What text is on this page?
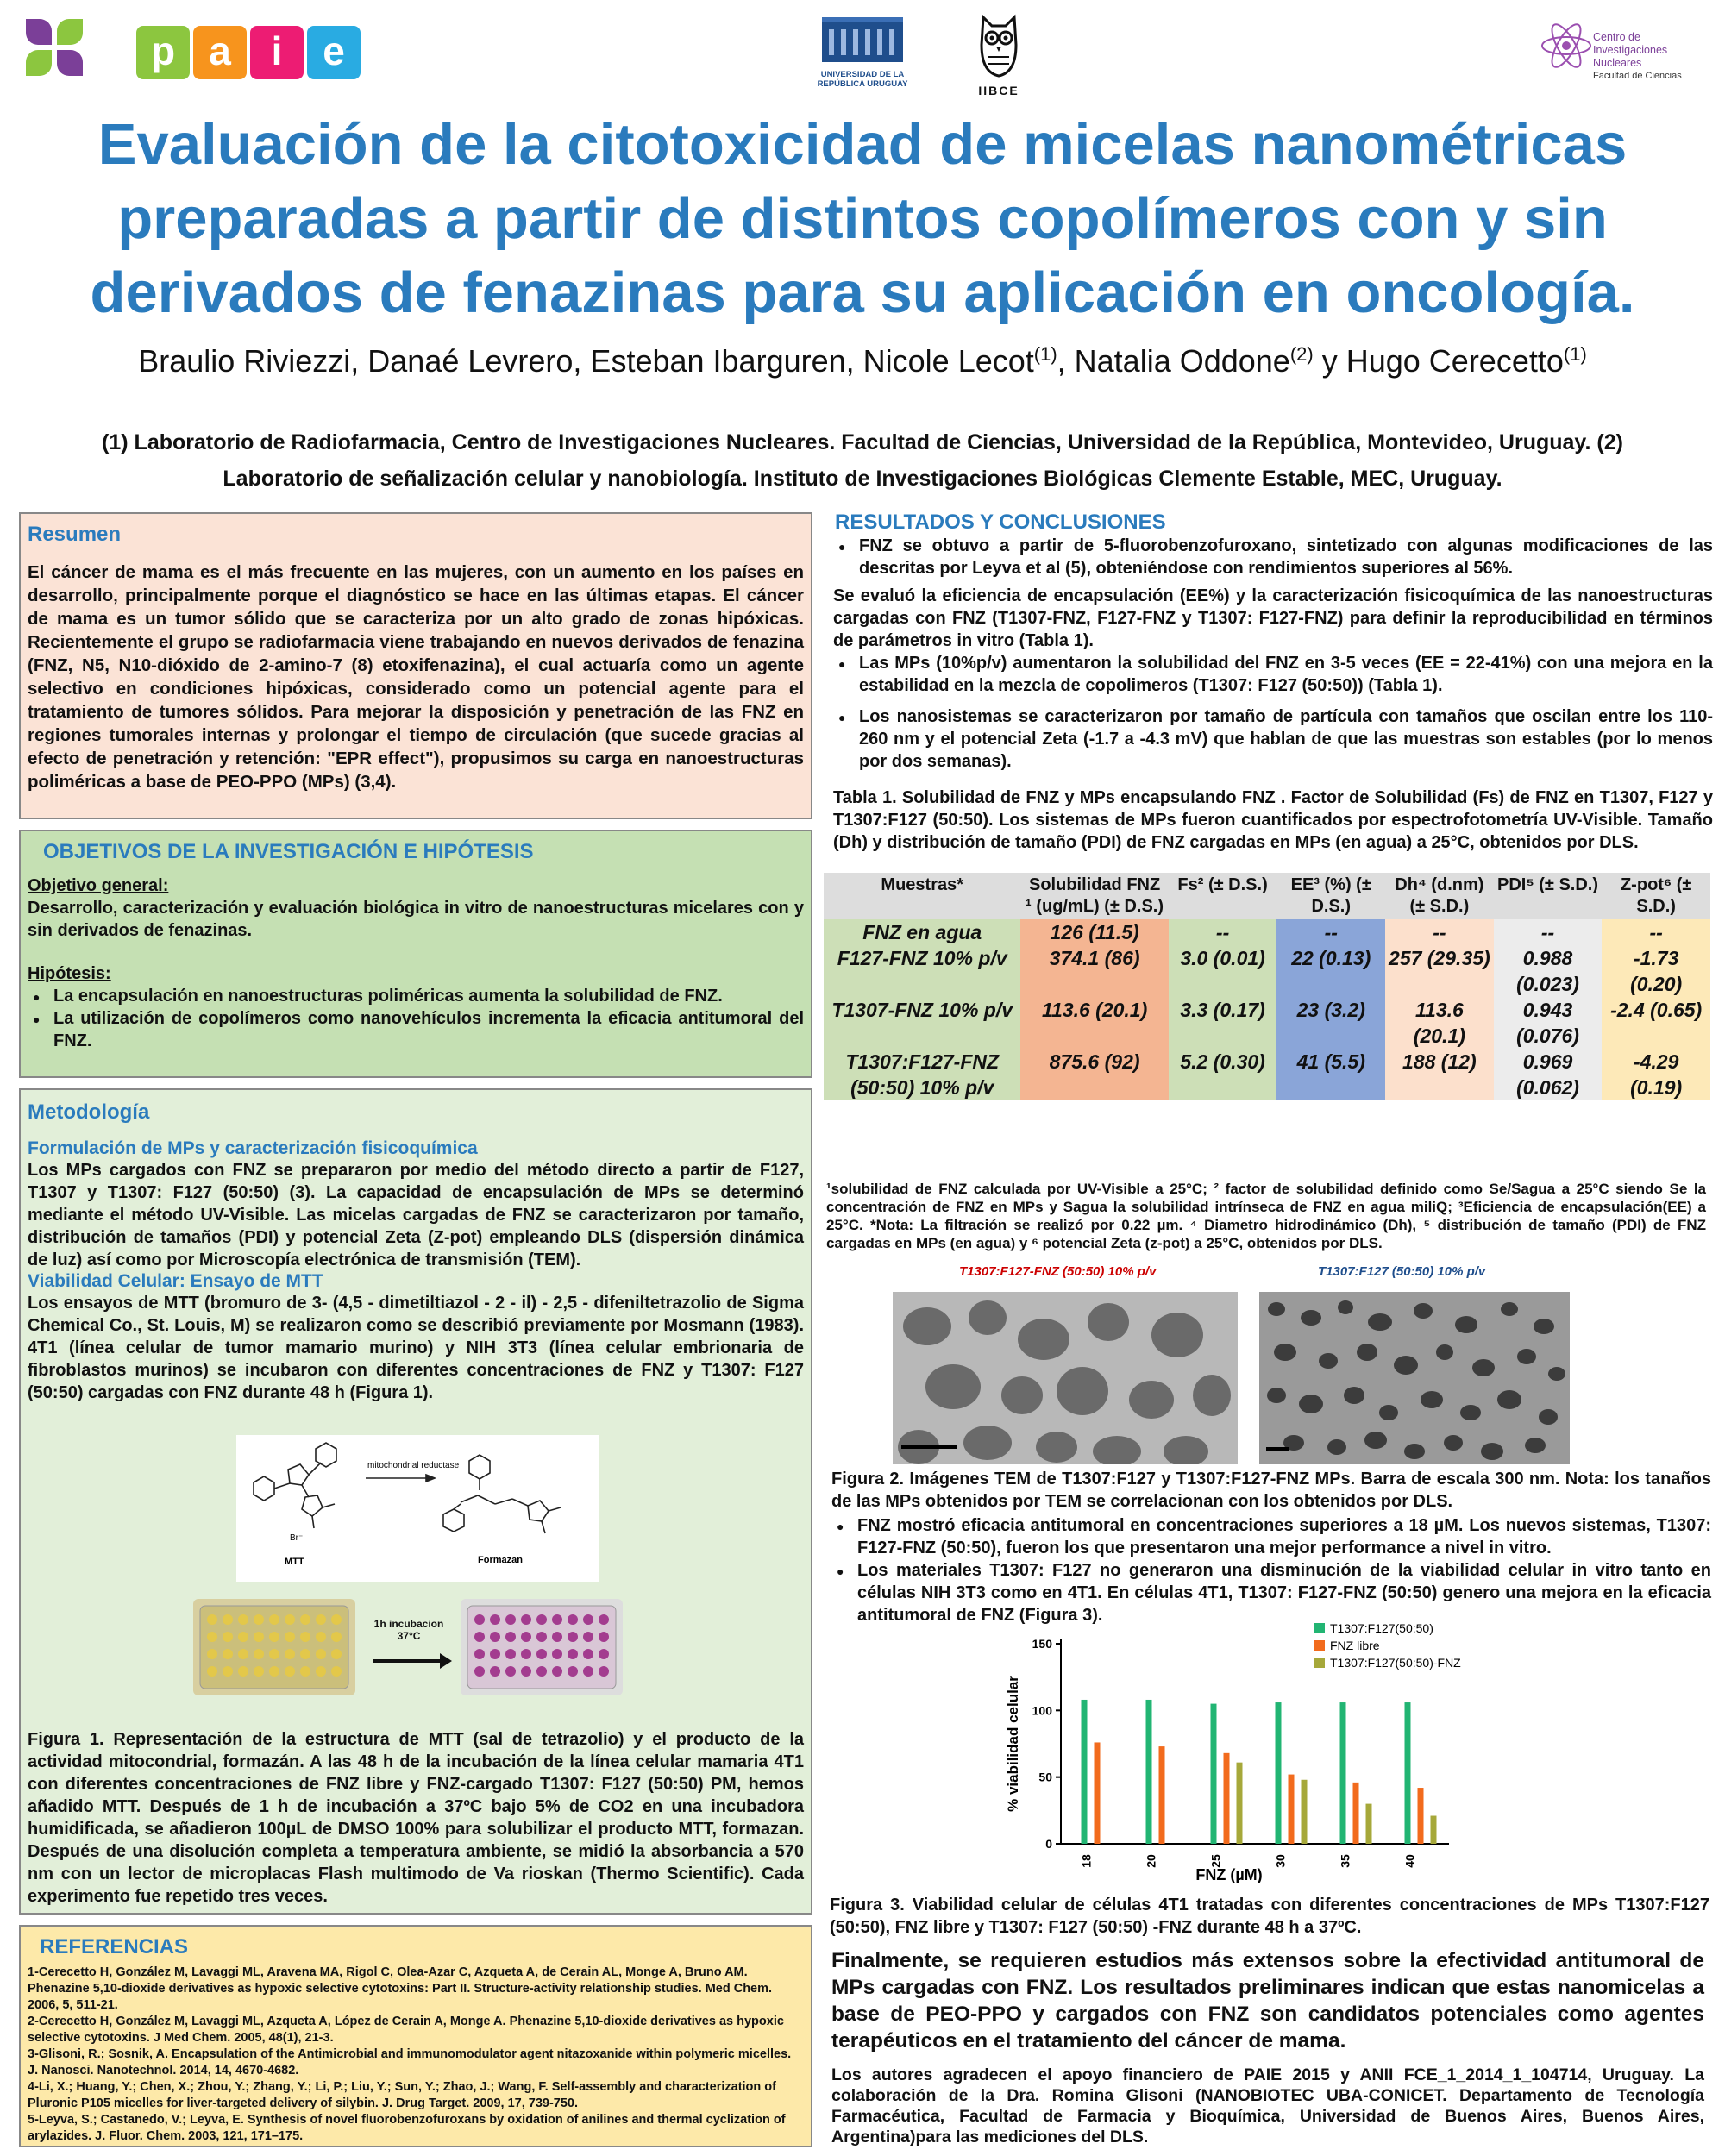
p a	i	e
UNIVERSIDAD DE LA REPÚBLICA URUGUAY	IIBCE
Centro de
Investigaciones Nucleares
Facultad de Ciencias
Evaluación de la citotoxicidad de micelas nanométricas preparadas a partir de distintos copolímeros con y sin derivados de fenazinas para su aplicación en oncología.
Braulio Riviezzi, Danaé Levrero, Esteban Ibarguren, Nicole Lecot$^{(1)}$, Natalia Oddone$^{(2)}$ y Hugo Cerecetto$^{(1)}$
(1) Laboratorio de Radiofarmacia, Centro de Investigaciones Nucleares. Facultad de Ciencias, Universidad de la República, Montevideo, Uruguay. (2) Laboratorio de señalización celular y nanobiología. Instituto de Investigaciones Biológicas Clemente Estable, MEC, Uruguay.
Resumen
El cáncer de mama es el más frecuente en las mujeres, con un aumento en los países en desarrollo, principalmente porque el diagnóstico se hace en las últimas etapas. El cáncer de mama es un tumor sólido que se caracteriza por un alto grado de zonas hipóxicas. Recientemente el grupo se radiofarmacia viene trabajando en nuevos derivados de fenazina (FNZ, N5, N10-dióxido de 2-amino-7 (8) etoxifenazina), el cual actuaría como un agente selectivo en condiciones hipóxicas, considerado como un potencial agente para el tratamiento de tumores sólidos. Para mejorar la disposición y penetración de las FNZ en regiones tumorales internas y prolongar el tiempo de circulación (que sucede gracias al efecto de penetración y retención: "EPR effect"), propusimos su carga en nanoestructuras poliméricas a base de PEO-PPO (MPs) (3,4).
OBJETIVOS DE LA INVESTIGACIÓN E HIPÓTESIS
Objetivo general:
Desarrollo, caracterización y evaluación biológica in vitro de nanoestructuras micelares con y sin derivados de fenazinas.
Hipótesis:
● La encapsulación en nanoestructuras poliméricas aumenta la solubilidad de FNZ.
● La utilización de copolímeros como nanovehículos incrementa la eficacia antitumoral del FNZ.
Metodología
Formulación de MPs y caracterización fisicoquímica
Los MPs cargados con FNZ se prepararon por medio del método directo a partir de F127, T1307 y T1307: F127 (50:50) (3). La capacidad de encapsulación de MPs se determinó mediante el método UV-Visible. Las micelas cargadas de FNZ se caracterizaron por tamaño, distribución de tamaños (PDI) y potencial Zeta (Z-pot) empleando DLS (dispersión dinámica de luz) así como por Microscopía electrónica de transmisión (TEM).
Viabilidad Celular: Ensayo de MTT
Los ensayos de MTT (bromuro de 3- (4,5 - dimetiltiazol - 2 - il) - 2,5 - difeniltetrazolio de Sigma Chemical Co., St. Louis, M) se realizaron como se describió previamente por Mosmann (1983). 4T1 (línea celular de tumor mamario murino) y NIH 3T3 (línea celular embrionaria de fibroblastos murinos) se incubaron con diferentes concentraciones de FNZ y T1307: F127 (50:50) cargadas con FNZ durante 48 h (Figura 1).
mitochondrial reductase
MTT
Br⁻
Formazan
1h incubacion 37°C
Figura 1. Representación de la estructura de MTT (sal de tetrazolio) y el producto de la actividad mitocondrial, formazán. A las 48 h de la incubación de la línea celular mamaria 4T1 con diferentes concentraciones de FNZ libre y FNZ-cargado T1307: F127 (50:50) PM, hemos añadido MTT. Después de 1 h de incubación a 37ºC bajo 5% de CO2 en una incubadora humidificada, se añadieron 100µL de DMSO 100% para solubilizar el producto MTT, formazan. Después de una disolución completa a temperatura ambiente, se midió la absorbancia a 570 nm con un lector de microplacas Flash multimodo de Va rioskan (Thermo Scientific). Cada experimento fue repetido tres veces.
REFERENCIAS
1-Cerecetto H, González M, Lavaggi ML, Aravena MA, Rigol C, Olea-Azar C, Azqueta A, de Cerain AL, Monge A, Bruno AM. Phenazine 5,10-dioxide derivatives as hypoxic selective cytotoxins: Part II. Structure-activity relationship studies. Med Chem. 2006, 5, 511-21.
2-Cerecetto H, González M, Lavaggi ML, Azqueta A, López de Cerain A, Monge A. Phenazine 5,10-dioxide derivatives as hypoxic selective cytotoxins. J Med Chem. 2005, 48(1), 21-3.
3-Glisoni, R.; Sosnik, A. Encapsulation of the Antimicrobial and immunomodulator agent nitazoxanide within polymeric micelles. J. Nanosci. Nanotechnol. 2014, 14, 4670-4682.
4-Li, X.; Huang, Y.; Chen, X.; Zhou, Y.; Zhang, Y.; Li, P.; Liu, Y.; Sun, Y.; Zhao, J.; Wang, F. Self-assembly and characterization of Pluronic P105 micelles for liver-targeted delivery of silybin. J. Drug Target. 2009, 17, 739-750.
5-Leyva, S.; Castanedo, V.; Leyva, E. Synthesis of novel fluorobenzofuroxans by oxidation of anilines and thermal cyclization of arylazides. J. Fluor. Chem. 2003, 121, 171–175.
RESULTADOS Y CONCLUSIONES
● FNZ se obtuvo a partir de 5-fluorobenzofuroxano, sintetizado con algunas modificaciones de las descritas por Leyva et al (5), obteniéndose con rendimientos superiores al 56%.
Se evaluó la eficiencia de encapsulación (EE%) y la caracterización fisicoquímica de las nanoestructuras cargadas con FNZ (T1307-FNZ, F127-FNZ y T1307: F127-FNZ) para definir la reproducibilidad en términos de parámetros in vitro (Tabla 1).
● Las MPs (10%p/v) aumentaron la solubilidad del FNZ en 3-5 veces (EE = 22-41%) con una mejora en la estabilidad en la mezcla de copolimeros (T1307: F127 (50:50)) (Tabla 1).
● Los nanosistemas se caracterizaron por tamaño de partícula con tamaños que oscilan entre los 110- 260 nm y el potencial Zeta (-1.7 a -4.3 mV) que hablan de que las muestras son estables (por lo menos por dos semanas).
Tabla 1. Solubilidad de FNZ y MPs encapsulando FNZ . Factor de Solubilidad (Fs) de FNZ en T1307, F127 y T1307:F127 (50:50). Los sistemas de MPs fueron cuantificados por espectrofotometría UV-Visible. Tamaño (Dh) y distribución de tamaño (PDI) de FNZ cargadas en MPs (en agua) a 25°C, obtenidos por DLS.
Muestras*	Solubilidad FNZ ¹ (ug/mL) (± D.S.)	Fs² (± D.S.)	EE³ (%) (± D.S.)	Dh⁴ (d.nm) (± S.D.)	PDI⁵ (± S.D.)	Z-pot⁶ (± S.D.)
FNZ en agua	126 (11.5)	--	--	--	--	--
F127-FNZ 10% p/v	374.1 (86)	3.0 (0.01)	22 (0.13)	257 (29.35)	0.988 (0.023)	-1.73 (0.20)
T1307-FNZ 10% p/v	113.6 (20.1)	3.3 (0.17)	23 (3.2)	113.6 (20.1)	0.943 (0.076)	-2.4 (0.65)
T1307:F127-FNZ (50:50) 10% p/v	875.6 (92)	5.2 (0.30)	41 (5.5)	188 (12)	0.969 (0.062)	-4.29 (0.19)
¹solubilidad de FNZ calculada por UV-Visible a 25°C; ² factor de solubilidad definido como Se/Sagua a 25°C siendo Se la concentración de FNZ en MPs y Sagua la solubilidad intrínseca de FNZ en agua miliQ; ³Eficiencia de encapsulación(EE) a 25°C. *Nota: La filtración se realizó por 0.22 µm. ⁴ Diametro hidrodinámico (Dh), ⁵ distribución de tamaño (PDI) de FNZ cargadas en MPs (en agua) y ⁶ potencial Zeta (z-pot) a 25°C, obtenidos por DLS.
T1307:F127-FNZ (50:50) 10% p/v	T1307:F127 (50:50) 10% p/v
Figura 2. Imágenes TEM de T1307:F127 y T1307:F127-FNZ MPs. Barra de escala 300 nm. Nota: los tanaños de las MPs obtenidos por TEM se correlacionan con los obtenidos por DLS.
● FNZ mostró eficacia antitumoral en concentraciones superiores a 18 µM. Los nuevos sistemas, T1307: F127-FNZ (50:50), fueron los que presentaron una mejor performance a nivel in vitro.
● Los materiales T1307: F127 no generaron una disminución de la viabilidad celular in vitro tanto en células NIH 3T3 como en 4T1. En células 4T1, T1307: F127-FNZ (50:50) genero una mejora en la eficacia antitumoral de FNZ (Figura 3).
0
50
100
150
18	20	25	30	35	40
FNZ (µM)
% viabilidad celular
T1307:F127(50:50)
FNZ libre
T1307:F127(50:50)-FNZ
Figura 3. Viabilidad celular de células 4T1 tratadas con diferentes concentraciones de MPs T1307:F127 (50:50), FNZ libre y T1307: F127 (50:50) -FNZ durante 48 h a 37ºC.
Finalmente, se requieren estudios más extensos sobre la efectividad antitumoral de MPs cargadas con FNZ. Los resultados preliminares indican que estas nanomicelas a base de PEO-PPO y cargados con FNZ son candidatos potenciales como agentes terapéuticos en el tratamiento del cáncer de mama.
Los autores agradecen el apoyo financiero de PAIE 2015 y ANII FCE_1_2014_1_104714, Uruguay. La colaboración de la Dra. Romina Glisoni (NANOBIOTEC UBA-CONICET. Departamento de Tecnología Farmacéutica, Facultad de Farmacia y Bioquímica, Universidad de Buenos Aires, Buenos Aires, Argentina)para las mediciones del DLS.
